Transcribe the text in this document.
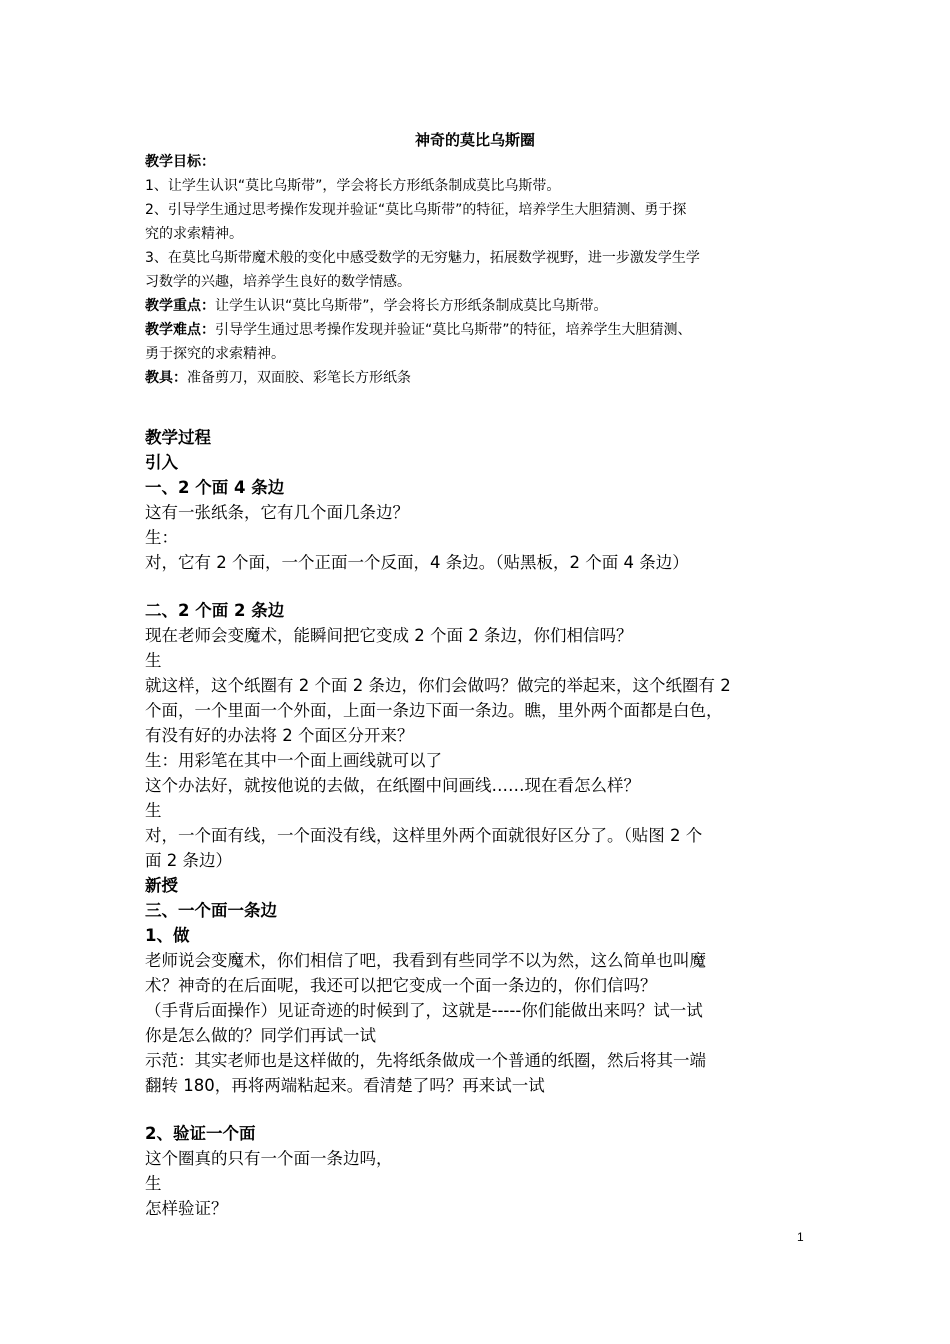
神奇的莫比乌斯圈
教学目标：
1、让学生认识“莫比乌斯带”，学会将长方形纸条制成莫比乌斯带。
2、引导学生通过思考操作发现并验证“莫比乌斯带”的特征，培养学生大胆猜测、勇于探
究的求索精神。
3、在莫比乌斯带魔术般的变化中感受数学的无穷魅力，拓展数学视野，进一步激发学生学
习数学的兴趣，培养学生良好的数学情感。
教学重点：让学生认识“莫比乌斯带”，学会将长方形纸条制成莫比乌斯带。
教学难点：引导学生通过思考操作发现并验证“莫比乌斯带”的特征，培养学生大胆猜测、
勇于探究的求索精神。
教具：准备剪刀，双面胶、彩笔长方形纸条
教学过程
引入
一、2 个面 4 条边
这有一张纸条，它有几个面几条边？
生：
对，它有 2 个面，一个正面一个反面，4 条边。（贴黑板，2 个面 4 条边）
二、2 个面 2 条边
现在老师会变魔术，能瞬间把它变成 2 个面 2 条边，你们相信吗？
生
就这样，这个纸圈有 2 个面 2 条边，你们会做吗？做完的举起来，这个纸圈有 2
个面，一个里面一个外面，上面一条边下面一条边。瞧，里外两个面都是白色，
有没有好的办法将 2 个面区分开来？
生：用彩笔在其中一个面上画线就可以了
这个办法好，就按他说的去做，在纸圈中间画线……现在看怎么样？
生
对，一个面有线，一个面没有线，这样里外两个面就很好区分了。（贴图 2 个
面 2 条边）
新授
三、一个面一条边
1、做
老师说会变魔术，你们相信了吧，我看到有些同学不以为然，这么简单也叫魔
术？神奇的在后面呢，我还可以把它变成一个面一条边的，你们信吗？
（手背后面操作）见证奇迹的时候到了，这就是-----你们能做出来吗？试一试
你是怎么做的？同学们再试一试
示范：其实老师也是这样做的，先将纸条做成一个普通的纸圈，然后将其一端
翻转 180，再将两端粘起来。看清楚了吗？再来试一试
2、验证一个面
这个圈真的只有一个面一条边吗，
生
怎样验证？
1
